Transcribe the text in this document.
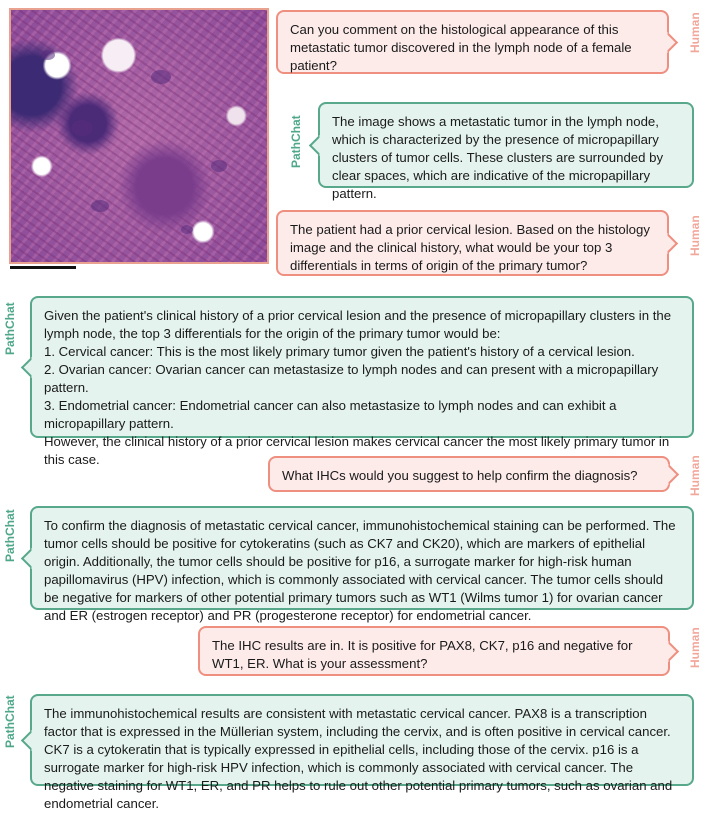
Can you comment on the histological appearance of this metastatic tumor discovered in the lymph node of a female patient?

Human

The image shows a metastatic tumor in the lymph node, which is characterized by the presence of micropapillary clusters of tumor cells. These clusters are surrounded by clear spaces, which are indicative of the micropapillary pattern.

PathChat

The patient had a prior cervical lesion. Based on the histology image and the clinical history, what would be your top 3 differentials in terms of origin of the primary tumor?

Human

Given the patient's clinical history of a prior cervical lesion and the presence of micropapillary clusters in the lymph node, the top 3 differentials for the origin of the primary tumor would be:

1. Cervical cancer: This is the most likely primary tumor given the patient's history of a cervical lesion.

2. Ovarian cancer: Ovarian cancer can metastasize to lymph nodes and can present with a micropapillary pattern.

3. Endometrial cancer: Endometrial cancer can also metastasize to lymph nodes and can exhibit a micropapillary pattern.

However, the clinical history of a prior cervical lesion makes cervical cancer the most likely primary tumor in this case.

PathChat

What IHCs would you suggest to help confirm the diagnosis?	Human

To confirm the diagnosis of metastatic cervical cancer, immunohistochemical staining can be performed. The tumor cells should be positive for cytokeratins (such as CK7 and CK20), which are markers of epithelial origin. Additionally, the tumor cells should be positive for p16, a surrogate marker for high-risk human papillomavirus (HPV) infection, which is commonly associated with cervical cancer. The tumor cells should be negative for markers of other potential primary tumors such as WT1 (Wilms tumor 1) for ovarian cancer and ER (estrogen receptor) and PR (progesterone receptor) for endometrial cancer.

PathChat

The IHC results are in. It is positive for PAX8, CK7, p16 and negative for WT1, ER. What is your assessment?	Human

The immunohistochemical results are consistent with metastatic cervical cancer. PAX8 is a transcription factor that is expressed in the Müllerian system, including the cervix, and is often positive in cervical cancer. CK7 is a cytokeratin that is typically expressed in epithelial cells, including those of the cervix. p16 is a surrogate marker for high-risk HPV infection, which is commonly associated with cervical cancer. The negative staining for WT1, ER, and PR helps to rule out other potential primary tumors, such as ovarian and endometrial cancer.

PathChat
